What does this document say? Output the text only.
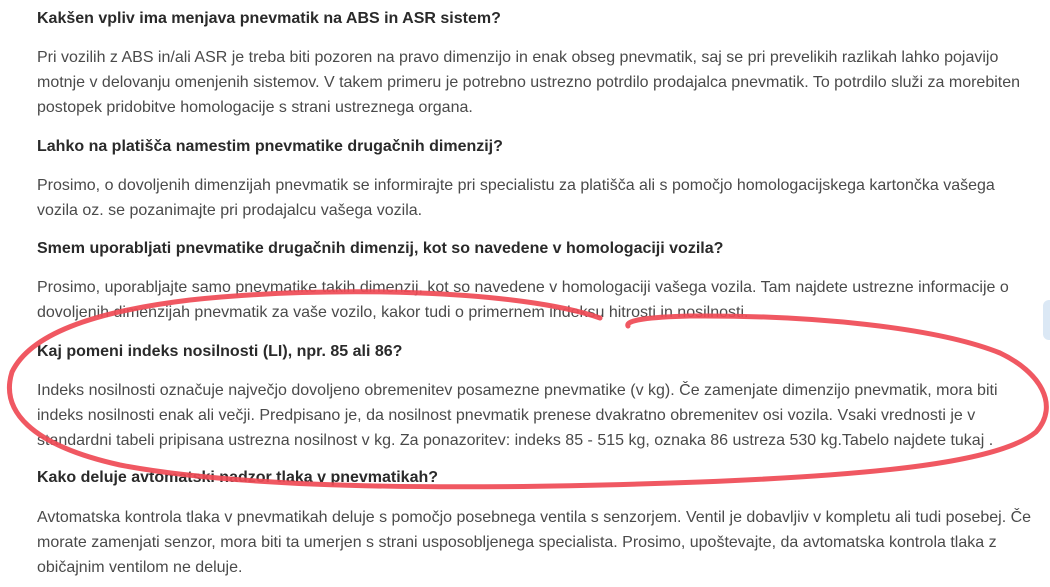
Kakšen vpliv ima menjava pnevmatik na ABS in ASR sistem?
Pri vozilih z ABS in/ali ASR je treba biti pozoren na pravo dimenzijo in enak obseg pnevmatik, saj se pri prevelikih razlikah lahko pojavijo motnje v delovanju omenjenih sistemov. V takem primeru je potrebno ustrezno potrdilo prodajalca pnevmatik. To potrdilo služi za morebiten postopek pridobitve homologacije s strani ustreznega organa.
Lahko na platišča namestim pnevmatike drugačnih dimenzij?
Prosimo, o dovoljenih dimenzijah pnevmatik se informirajte pri specialistu za platišča ali s pomočjo homologacijskega kartončka vašega vozila oz. se pozanimajte pri prodajalcu vašega vozila.
Smem uporabljati pnevmatike drugačnih dimenzij, kot so navedene v homologaciji vozila?
Prosimo, uporabljajte samo pnevmatike takih dimenzij, kot so navedene v homologaciji vašega vozila. Tam najdete ustrezne informacije o dovoljenih dimenzijah pnevmatik za vaše vozilo, kakor tudi o primernem indeksu hitrosti in nosilnosti.
Kaj pomeni indeks nosilnosti (LI), npr. 85 ali 86?
Indeks nosilnosti označuje največjo dovoljeno obremenitev posamezne pnevmatike (v kg). Če zamenjate dimenzijo pnevmatik, mora biti indeks nosilnosti enak ali večji. Predpisano je, da nosilnost pnevmatik prenese dvakratno obremenitev osi vozila. Vsaki vrednosti je v standardni tabeli pripisana ustrezna nosilnost v kg. Za ponazoritev: indeks 85 - 515 kg, oznaka 86 ustreza 530 kg.Tabelo najdete tukaj .
Kako deluje avtomatski nadzor tlaka v pnevmatikah?
Avtomatska kontrola tlaka v pnevmatikah deluje s pomočjo posebnega ventila s senzorjem. Ventil je dobavljiv v kompletu ali tudi posebej. Če morate zamenjati senzor, mora biti ta umerjen s strani usposobljenega specialista. Prosimo, upoštevajte, da avtomatska kontrola tlaka z običajnim ventilom ne deluje.
